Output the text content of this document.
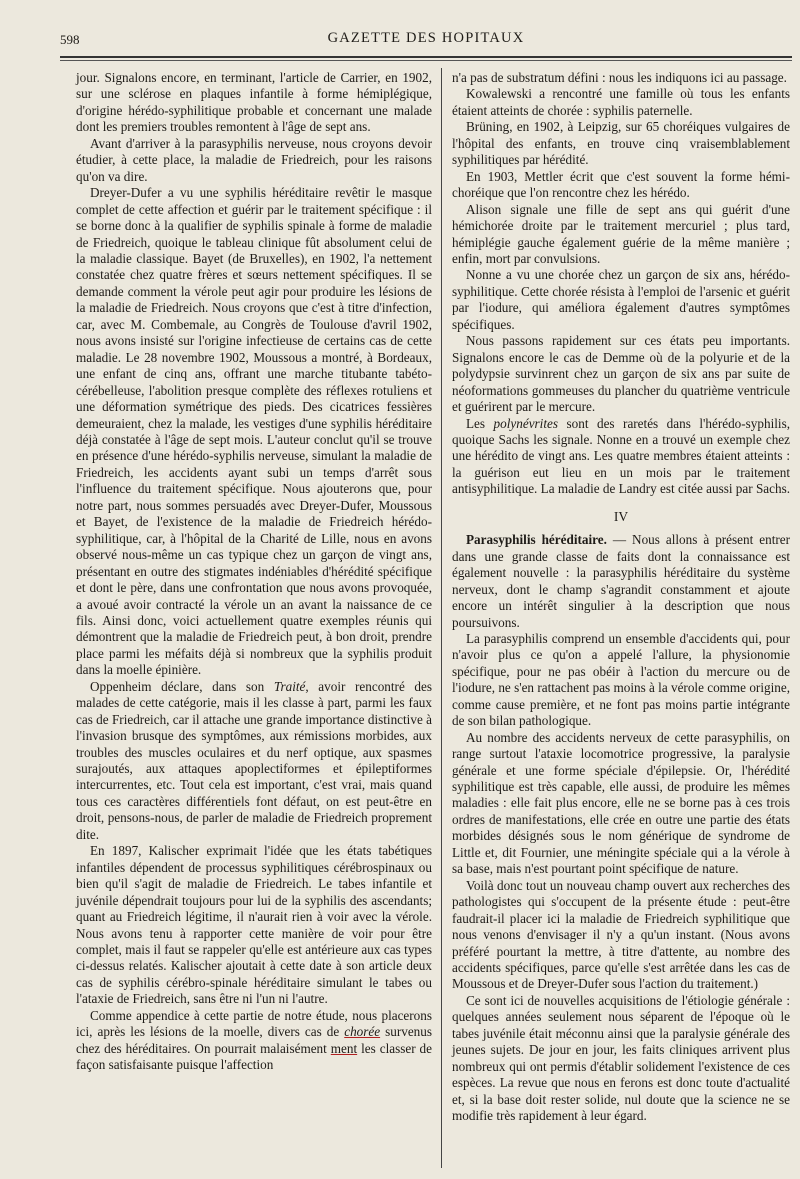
598	GAZETTE DES HOPITAUX

jour. Signalons encore, en terminant, l'article de Carrier, en 1902, sur une sclérose en plaques infantile à forme hémiplégique, d'origine hérédo-syphilitique probable et concernant une malade dont les premiers troubles remontent à l'âge de sept ans.

Avant d'arriver à la parasyphilis nerveuse, nous croyons devoir étudier, à cette place, la maladie de Friedreich, pour les raisons qu'on va dire.

Dreyer-Dufer a vu une syphilis héréditaire revêtir le masque complet de cette affection et guérir par le traitement spécifique : il se borne donc à la qualifier de syphilis spinale à forme de maladie de Friedreich, quoique le tableau clinique fût absolument celui de la maladie classique. Bayet (de Bruxelles), en 1902, l'a nettement constatée chez quatre frères et sœurs nettement spécifiques. Il se demande comment la vérole peut agir pour produire les lésions de la maladie de Friedreich. Nous croyons que c'est à titre d'infection, car, avec M. Combemale, au Congrès de Toulouse d'avril 1902, nous avons insisté sur l'origine infectieuse de certains cas de cette maladie. Le 28 novembre 1902, Moussous a montré, à Bordeaux, une enfant de cinq ans, offrant une marche titubante tabéto-cérébelleuse, l'abolition presque complète des réflexes rotuliens et une déformation symétrique des pieds. Des cicatrices fessières demeuraient, chez la malade, les vestiges d'une syphilis héréditaire déjà constatée à l'âge de sept mois. L'auteur conclut qu'il se trouve en présence d'une hérédo-syphilis nerveuse, simulant la maladie de Friedreich, les accidents ayant subi un temps d'arrêt sous l'influence du traitement spécifique. Nous ajouterons que, pour notre part, nous sommes persuadés avec Dreyer-Dufer, Moussous et Bayet, de l'existence de la maladie de Friedreich hérédo-syphilitique, car, à l'hôpital de la Charité de Lille, nous en avons observé nous-même un cas typique chez un garçon de vingt ans, présentant en outre des stigmates indéniables d'hérédité spécifique et dont le père, dans une confrontation que nous avons provoquée, a avoué avoir contracté la vérole un an avant la naissance de ce fils. Ainsi donc, voici actuellement quatre exemples réunis qui démontrent que la maladie de Friedreich peut, à bon droit, prendre place parmi les méfaits déjà si nombreux que la syphilis produit dans la moelle épinière.

Oppenheim déclare, dans son Traité, avoir rencontré des malades de cette catégorie, mais il les classe à part, parmi les faux cas de Friedreich, car il attache une grande importance distinctive à l'invasion brusque des symptômes, aux rémissions morbides, aux troubles des muscles oculaires et du nerf optique, aux spasmes surajoutés, aux attaques apoplectiformes et épileptiformes intercurrentes, etc. Tout cela est important, c'est vrai, mais quand tous ces caractères différentiels font défaut, on est peut-être en droit, pensons-nous, de parler de maladie de Friedreich proprement dite.

En 1897, Kalischer exprimait l'idée que les états tabétiques infantiles dépendent de processus syphilitiques cérébrospinaux ou bien qu'il s'agit de maladie de Friedreich. Le tabes infantile et juvénile dépendrait toujours pour lui de la syphilis des ascendants; quant au Friedreich légitime, il n'aurait rien à voir avec la vérole. Nous avons tenu à rapporter cette manière de voir pour être complet, mais il faut se rappeler qu'elle est antérieure aux cas types ci-dessus relatés. Kalischer ajoutait à cette date à son article deux cas de syphilis cérébro-spinale héréditaire simulant le tabes ou l'ataxie de Friedreich, sans être ni l'un ni l'autre.

Comme appendice à cette partie de notre étude, nous placerons ici, après les lésions de la moelle, divers cas de chorée survenus chez des héréditaires. On pourrait malaisément ment les classer de façon satisfaisante puisque l'affection

n'a pas de substratum défini : nous les indiquons ici au passage.

Kowalewski a rencontré une famille où tous les enfants étaient atteints de chorée : syphilis paternelle.

Brüning, en 1902, à Leipzig, sur 65 choréiques vulgaires de l'hôpital des enfants, en trouve cinq vraisemblablement syphilitiques par hérédité.

En 1903, Mettler écrit que c'est souvent la forme hémi-choréique que l'on rencontre chez les hérédo.

Alison signale une fille de sept ans qui guérit d'une hémichorée droite par le traitement mercuriel ; plus tard, hémiplégie gauche également guérie de la même manière ; enfin, mort par convulsions.

Nonne a vu une chorée chez un garçon de six ans, hérédo-syphilitique. Cette chorée résista à l'emploi de l'arsenic et guérit par l'iodure, qui améliora également d'autres symptômes spécifiques.

Nous passons rapidement sur ces états peu importants. Signalons encore le cas de Demme où de la polyurie et de la polydypsie survinrent chez un garçon de six ans par suite de néoformations gommeuses du plancher du quatrième ventricule et guérirent par le mercure.

Les polynévrites sont des raretés dans l'hérédo-syphilis, quoique Sachs les signale. Nonne en a trouvé un exemple chez une hérédito de vingt ans. Les quatre membres étaient atteints : la guérison eut lieu en un mois par le traitement antisyphilitique. La maladie de Landry est citée aussi par Sachs.

IV

Parasyphilis héréditaire. — Nous allons à présent entrer dans une grande classe de faits dont la connaissance est également nouvelle : la parasyphilis héréditaire du système nerveux, dont le champ s'agrandit constamment et ajoute encore un intérêt singulier à la description que nous poursuivons.

La parasyphilis comprend un ensemble d'accidents qui, pour n'avoir plus ce qu'on a appelé l'allure, la physionomie spécifique, pour ne pas obéir à l'action du mercure ou de l'iodure, ne s'en rattachent pas moins à la vérole comme origine, comme cause première, et ne font pas moins partie intégrante de son bilan pathologique.

Au nombre des accidents nerveux de cette parasyphilis, on range surtout l'ataxie locomotrice progressive, la paralysie générale et une forme spéciale d'épilepsie. Or, l'hérédité syphilitique est très capable, elle aussi, de produire les mêmes maladies : elle fait plus encore, elle ne se borne pas à ces trois ordres de manifestations, elle crée en outre une partie des états morbides désignés sous le nom générique de syndrome de Little et, dit Fournier, une méningite spéciale qui a la vérole à sa base, mais n'est pourtant point spécifique de nature.

Voilà donc tout un nouveau champ ouvert aux recherches des pathologistes qui s'occupent de la présente étude : peut-être faudrait-il placer ici la maladie de Friedreich syphilitique que nous venons d'envisager il n'y a qu'un instant. (Nous avons préféré pourtant la mettre, à titre d'attente, au nombre des accidents spécifiques, parce qu'elle s'est arrêtée dans les cas de Moussous et de Dreyer-Dufer sous l'action du traitement.)

Ce sont ici de nouvelles acquisitions de l'étiologie générale : quelques années seulement nous séparent de l'époque où le tabes juvénile était méconnu ainsi que la paralysie générale des jeunes sujets. De jour en jour, les faits cliniques arrivent plus nombreux qui ont permis d'établir solidement l'existence de ces espèces. La revue que nous en ferons est donc toute d'actualité et, si la base doit rester solide, nul doute que la science ne se modifie très rapidement à leur égard.
